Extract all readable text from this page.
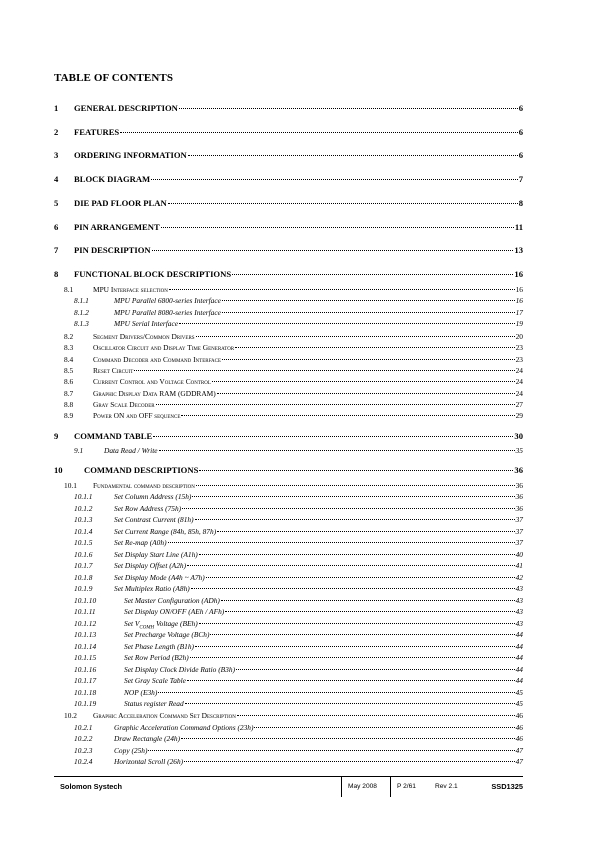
TABLE OF CONTENTS
1	GENERAL DESCRIPTION	6
2	FEATURES	6
3	ORDERING INFORMATION	6
4	BLOCK DIAGRAM	7
5	DIE PAD FLOOR PLAN	8
6	PIN ARRANGEMENT	11
7	PIN DESCRIPTION	13
8	FUNCTIONAL BLOCK DESCRIPTIONS	16
8.1	MPU Interface selection	16
8.1.1	MPU Parallel 6800-series Interface	16
8.1.2	MPU Parallel 8080-series Interface	17
8.1.3	MPU Serial Interface	19
8.2	Segment Drivers/Common Drivers	20
8.3	Oscillator Circuit and Display Time Generator	23
8.4	Command Decoder and Command Interface	23
8.5	Reset Circuit	24
8.6	Current Control and Voltage Control	24
8.7	Graphic Display Data RAM (GDDRAM)	24
8.8	Gray Scale Decoder	27
8.9	Power ON and OFF sequence	29
9	COMMAND TABLE	30
9.1	Data Read / Write	35
10	COMMAND DESCRIPTIONS	36
10.1	Fundamental command description	36
10.1.1	Set Column Address (15h)	36
10.1.2	Set Row Address (75h)	36
10.1.3	Set Contrast Current (81h)	37
10.1.4	Set Current Range (84h, 85h, 87h)	37
10.1.5	Set Re-map (A0h)	37
10.1.6	Set Display Start Line (A1h)	40
10.1.7	Set Display Offset (A2h)	41
10.1.8	Set Display Mode (A4h ~ A7h)	42
10.1.9	Set Multiplex Ratio (A8h)	43
10.1.10	Set Master Configuration (ADh)	43
10.1.11	Set Display ON/OFF (AEh / AFh)	43
10.1.12	Set $V_{COMH}$ Voltage (BEh)	43
10.1.13	Set Precharge Voltage (BCh)	44
10.1.14	Set Phase Length (B1h)	44
10.1.15	Set Row Period (B2h)	44
10.1.16	Set Display Clock Divide Ratio (B3h)	44
10.1.17	Set Gray Scale Table	44
10.1.18	NOP (E3h)	45
10.1.19	Status register Read	45
10.2	Graphic Acceleration Command Set Description	46
10.2.1	Graphic Acceleration Command Options (23h)	46
10.2.2	Draw Rectangle (24h)	46
10.2.3	Copy (25h)	47
10.2.4	Horizontal Scroll (26h)	47
Solomon Systech	May 2008	P 2/61	Rev 2.1	SSD1325
